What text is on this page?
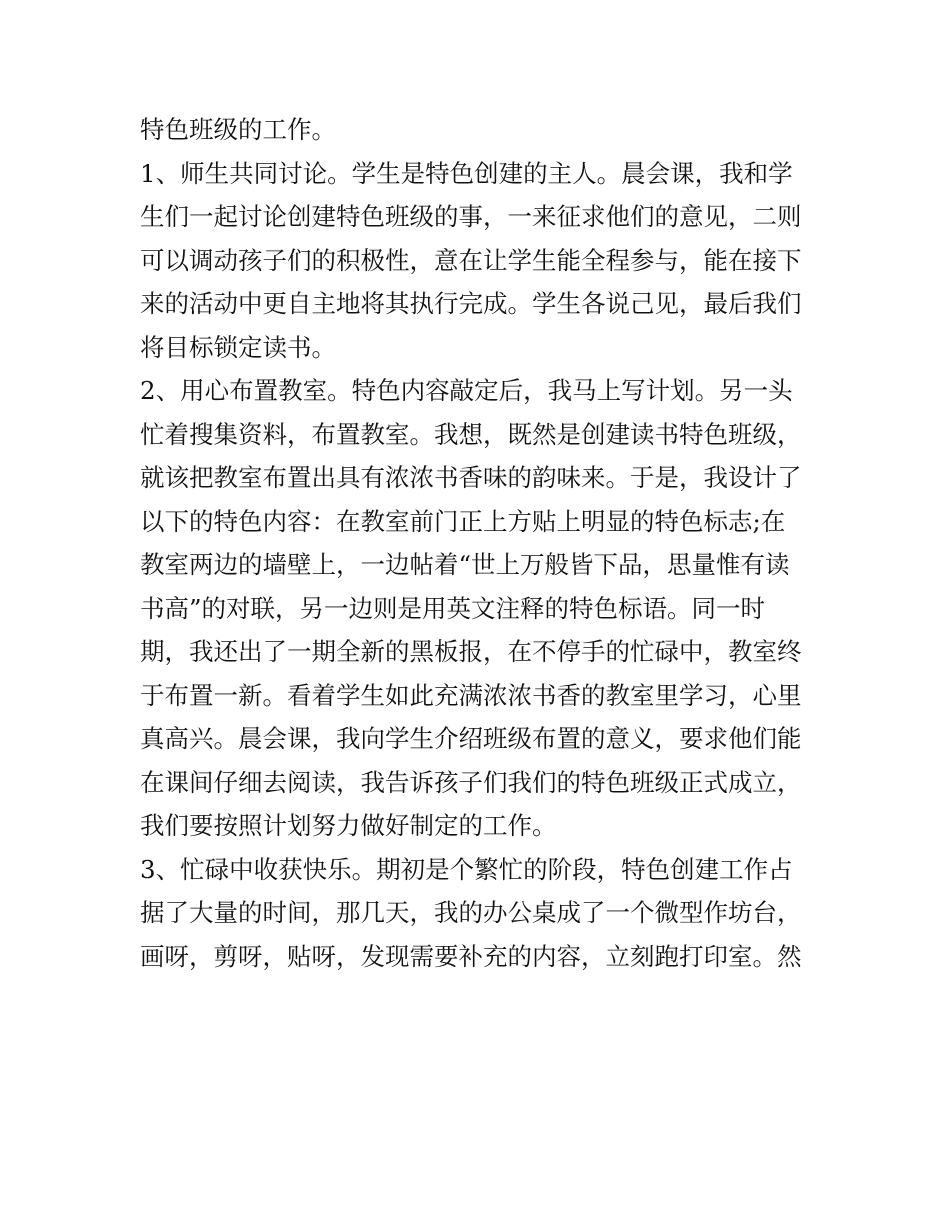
特色班级的工作。

1、师生共同讨论。学生是特色创建的主人。晨会课，我和学

生们一起讨论创建特色班级的事，一来征求他们的意见，二则

可以调动孩子们的积极性，意在让学生能全程参与，能在接下

来的活动中更自主地将其执行完成。学生各说己见，最后我们

将目标锁定读书。

2、用心布置教室。特色内容敲定后，我马上写计划。另一头

忙着搜集资料，布置教室。我想，既然是创建读书特色班级，

就该把教室布置出具有浓浓书香味的韵味来。于是，我设计了

以下的特色内容：在教室前门正上方贴上明显的特色标志;在

教室两边的墙壁上，一边帖着“世上万般皆下品，思量惟有读

书高”的对联，另一边则是用英文注释的特色标语。同一时

期，我还出了一期全新的黑板报，在不停手的忙碌中，教室终

于布置一新。看着学生如此充满浓浓书香的教室里学习，心里

真高兴。晨会课，我向学生介绍班级布置的意义，要求他们能

在课间仔细去阅读，我告诉孩子们我们的特色班级正式成立，

我们要按照计划努力做好制定的工作。

3、忙碌中收获快乐。期初是个繁忙的阶段，特色创建工作占

据了大量的时间，那几天，我的办公桌成了一个微型作坊台，

画呀，剪呀，贴呀，发现需要补充的内容，立刻跑打印室。然
